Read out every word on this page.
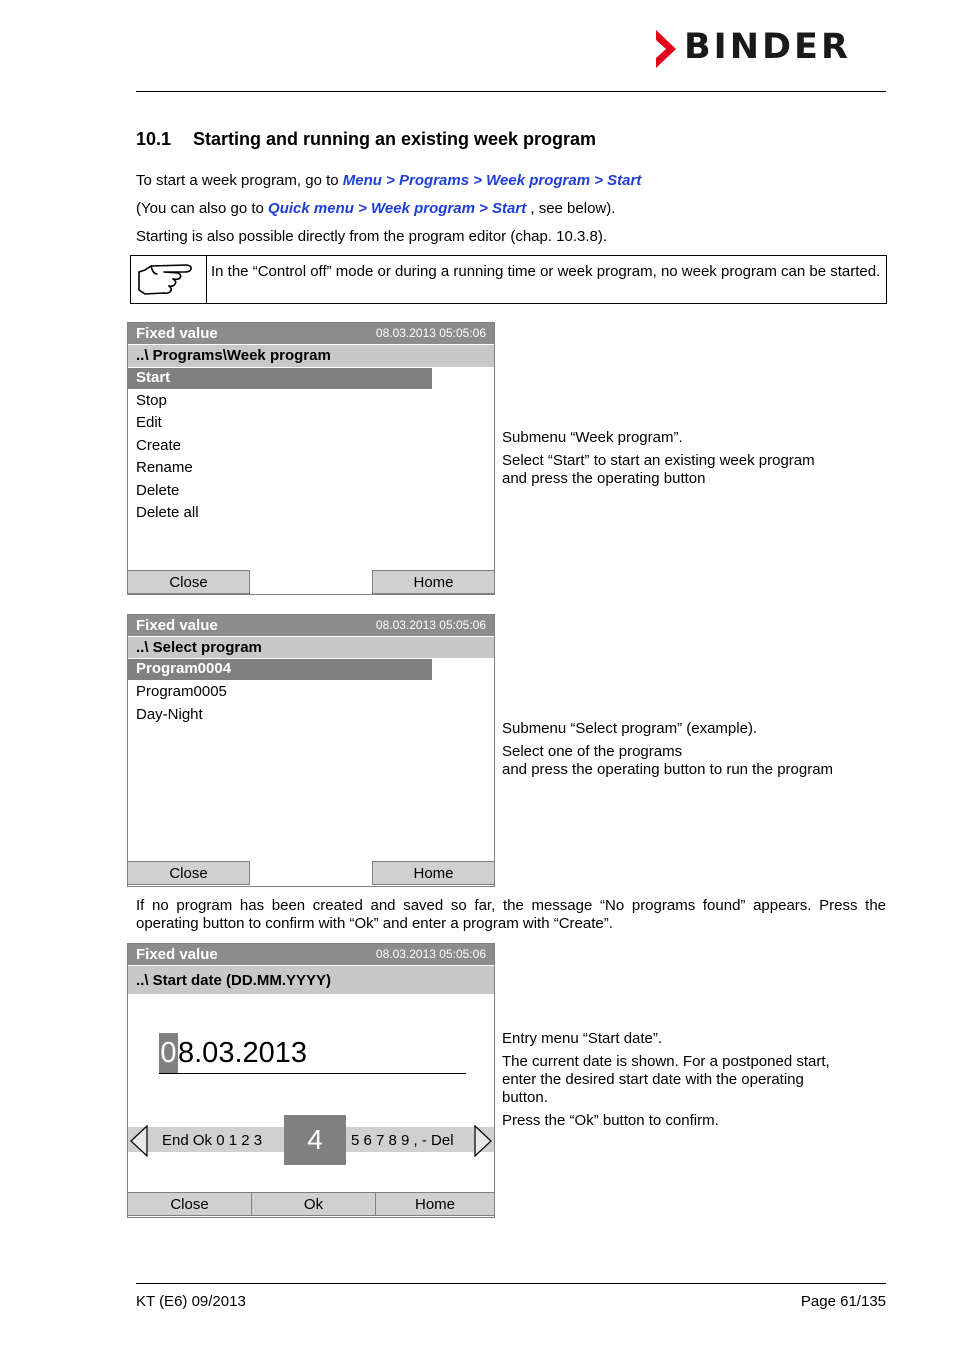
BINDER
10.1 Starting and running an existing week program
To start a week program, go to Menu > Programs > Week program > Start
(You can also go to Quick menu > Week program > Start , see below).
Starting is also possible directly from the program editor (chap. 10.3.8).
In the “Control off” mode or during a running time or week program, no week program can be started.
Fixed value	08.03.2013 05:05:06
..\ Programs\Week program
Start
Stop
Edit
Create
Rename
Delete
Delete all
Close	Home
Submenu “Week program”.
Select “Start” to start an existing week program
and press the operating button
Fixed value	08.03.2013 05:05:06
..\ Select program
Program0004
Program0005
Day-Night
Close	Home
Submenu “Select program” (example).
Select one of the programs
and press the operating button to run the program
If no program has been created and saved so far, the message “No programs found” appears. Press the operating button to confirm with “Ok” and enter a program with “Create”.
Fixed value	08.03.2013 05:05:06
..\ Start date (DD.MM.YYYY)
08.03.2013
End Ok 0 1 2 3	4	5 6 7 8 9 , - Del
Close	Ok	Home
Entry menu “Start date”.
The current date is shown. For a postponed start,
enter the desired start date with the operating
button.
Press the “Ok” button to confirm.
KT (E6) 09/2013	Page 61/135
